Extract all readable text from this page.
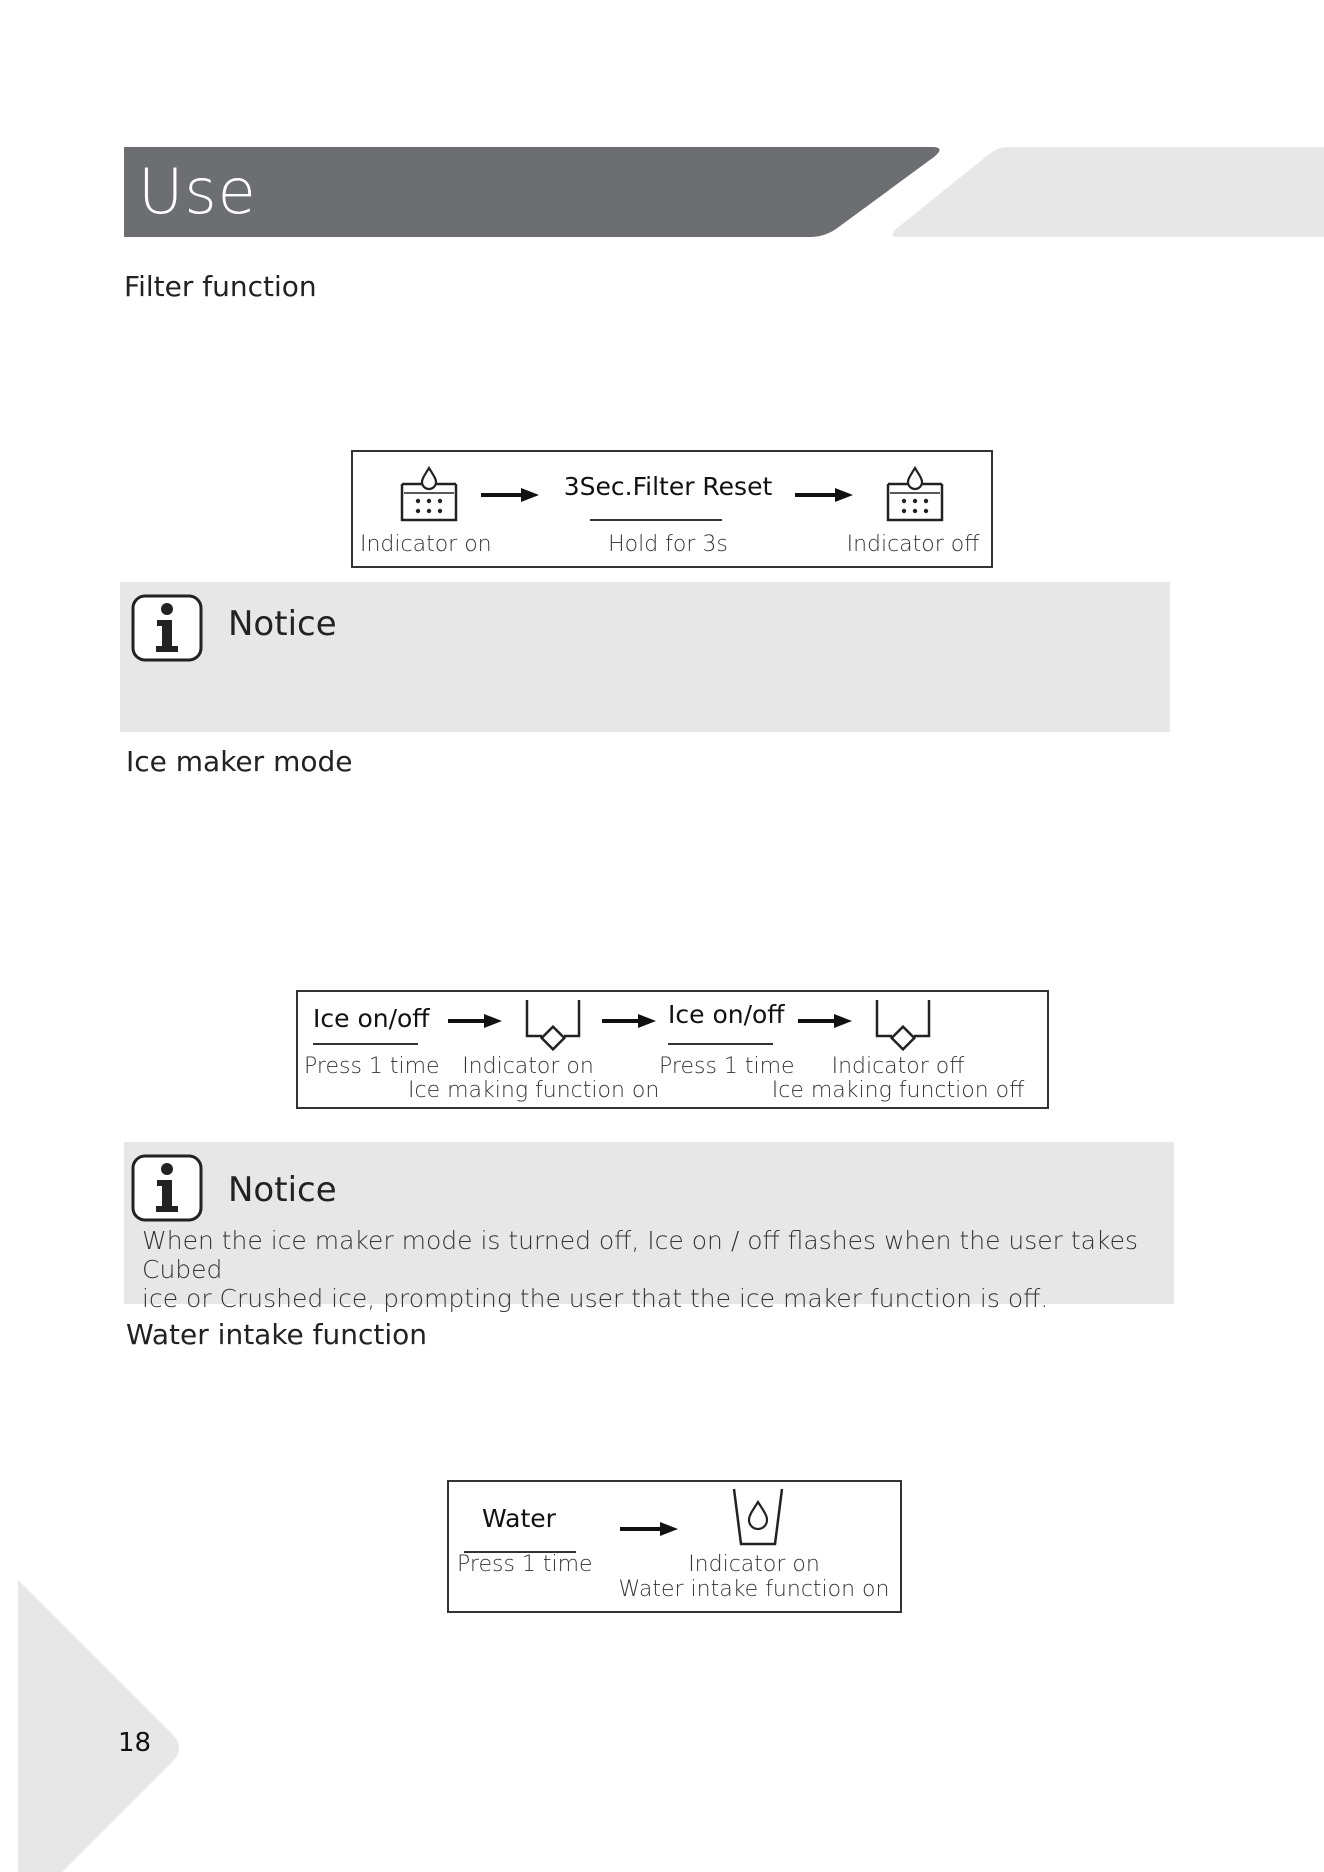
Use
Filter function
3Sec.Filter Reset
Indicator on	Hold for 3s	Indicator off
Notice
Ice maker mode
Ice on/off	Ice on/off
Press 1 time	Indicator on
Ice making function on
Press 1 time	Indicator off
Ice making function off
Notice
When the ice maker mode is turned off, Ice on / off flashes when the user takes Cubed
ice or Crushed ice, prompting the user that the ice maker function is off.
Water intake function
Water
Press 1 time	Indicator on
Water intake function on
18
